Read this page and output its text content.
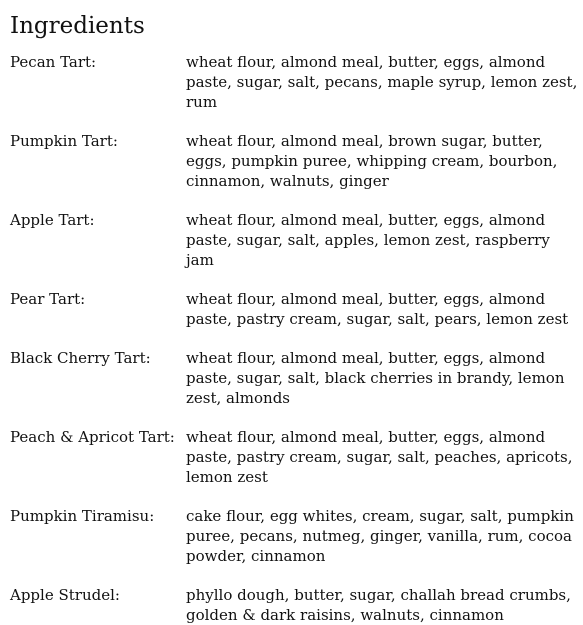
Ingredients
Pecan Tart:	wheat flour, almond meal, butter, eggs, almond paste, sugar, salt, pecans, maple syrup, lemon zest, rum
Pumpkin Tart:	wheat flour, almond meal, brown sugar, butter, eggs, pumpkin puree, whipping cream, bourbon, cinnamon, walnuts, ginger
Apple Tart:	wheat flour, almond meal, butter, eggs, almond paste, sugar, salt, apples, lemon zest, raspberry jam
Pear Tart:	wheat flour, almond meal, butter, eggs, almond paste, pastry cream, sugar, salt, pears, lemon zest
Black Cherry Tart:	wheat flour, almond meal, butter, eggs, almond paste, sugar, salt, black cherries in brandy, lemon zest, almonds
Peach & Apricot Tart: wheat flour, almond meal, butter, eggs, almond paste, pastry cream, sugar, salt, peaches, apricots, lemon zest
Pumpkin Tiramisu:	cake flour, egg whites, cream, sugar, salt, pumpkin puree, pecans, nutmeg, ginger, vanilla, rum, cocoa powder, cinnamon
Apple Strudel:	phyllo dough, butter, sugar, challah bread crumbs, golden & dark raisins, walnuts, cinnamon
